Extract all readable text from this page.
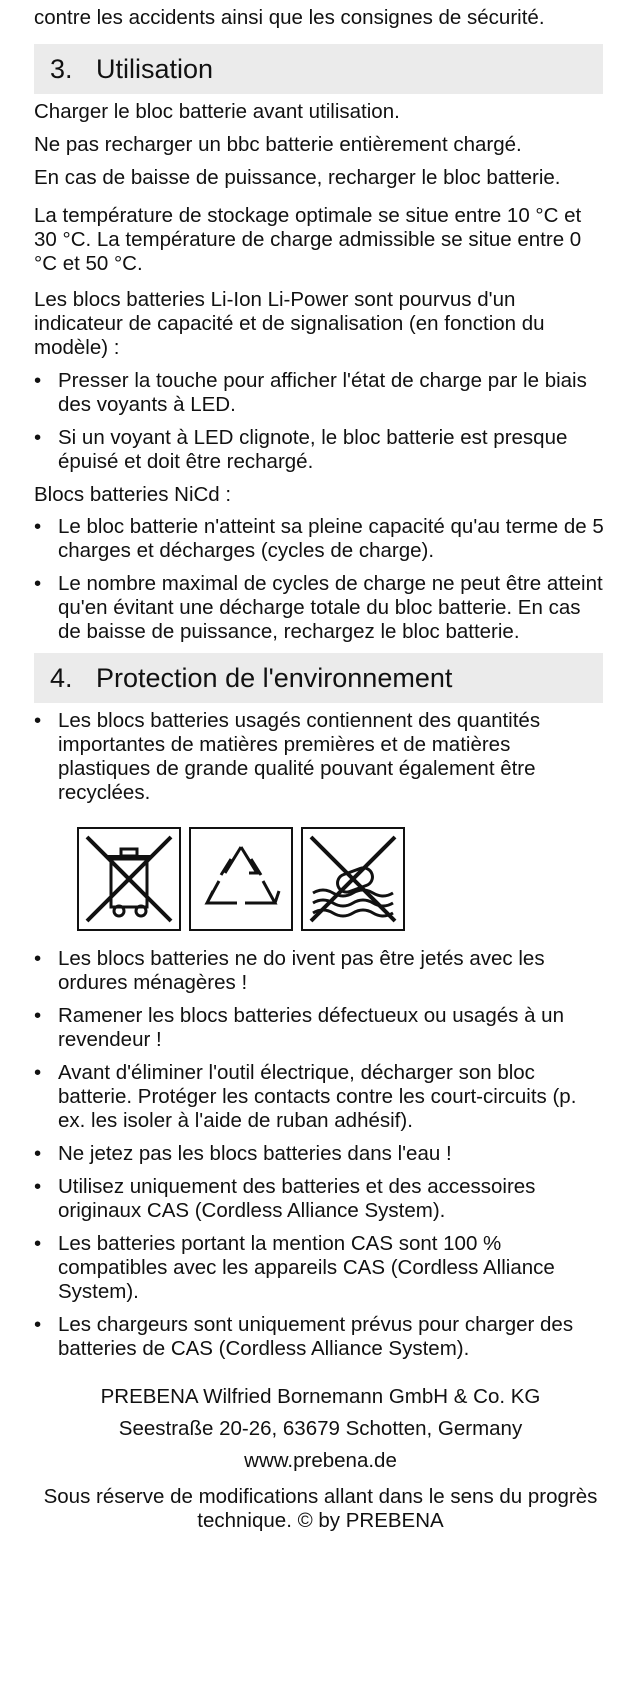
contre les accidents ainsi que les consignes de sécurité.

3. Utilisation

Charger le bloc batterie avant utilisation.

Ne pas recharger un bbc batterie entièrement chargé.

En cas de baisse de puissance, recharger le bloc batterie.

La température de stockage optimale se situe entre 10 °C et 30 °C. La température de charge admissible se situe entre 0 °C et 50 °C.

Les blocs batteries Li-Ion Li-Power sont pourvus d'un indicateur de capacité et de signalisation (en fonction du modèle) :

• Presser la touche pour afficher l'état de charge par le biais des voyants à LED.
• Si un voyant à LED clignote, le bloc batterie est presque épuisé et doit être rechargé.

Blocs batteries NiCd :

• Le bloc batterie n'atteint sa pleine capacité qu'au terme de 5 charges et décharges (cycles de charge).
• Le nombre maximal de cycles de charge ne peut être atteint qu'en évitant une décharge totale du bloc batterie. En cas de baisse de puissance, rechargez le bloc batterie.
4. Protection de l'environnement
• Les blocs batteries usagés contiennent des quantités importantes de matières premières et de matières plastiques de grande qualité pouvant également être recyclées.
• Les blocs batteries ne do ivent pas être jetés avec les ordures ménagères !
• Ramener les blocs batteries défectueux ou usagés à un revendeur !
• Avant d'éliminer l'outil électrique, décharger son bloc batterie. Protéger les contacts contre les court-circuits (p. ex. les isoler à l'aide de ruban adhésif).
• Ne jetez pas les blocs batteries dans l'eau !
• Utilisez uniquement des batteries et des accessoires originaux CAS (Cordless Alliance System).
• Les batteries portant la mention CAS sont 100 % compatibles avec les appareils CAS (Cordless Alliance System).
• Les chargeurs sont uniquement prévus pour charger des batteries de CAS (Cordless Alliance System).
PREBENA Wilfried Bornemann GmbH & Co. KG
Seestraße 20-26, 63679 Schotten, Germany
www.prebena.de
Sous réserve de modifications allant dans le sens du progrès technique. © by PREBENA
